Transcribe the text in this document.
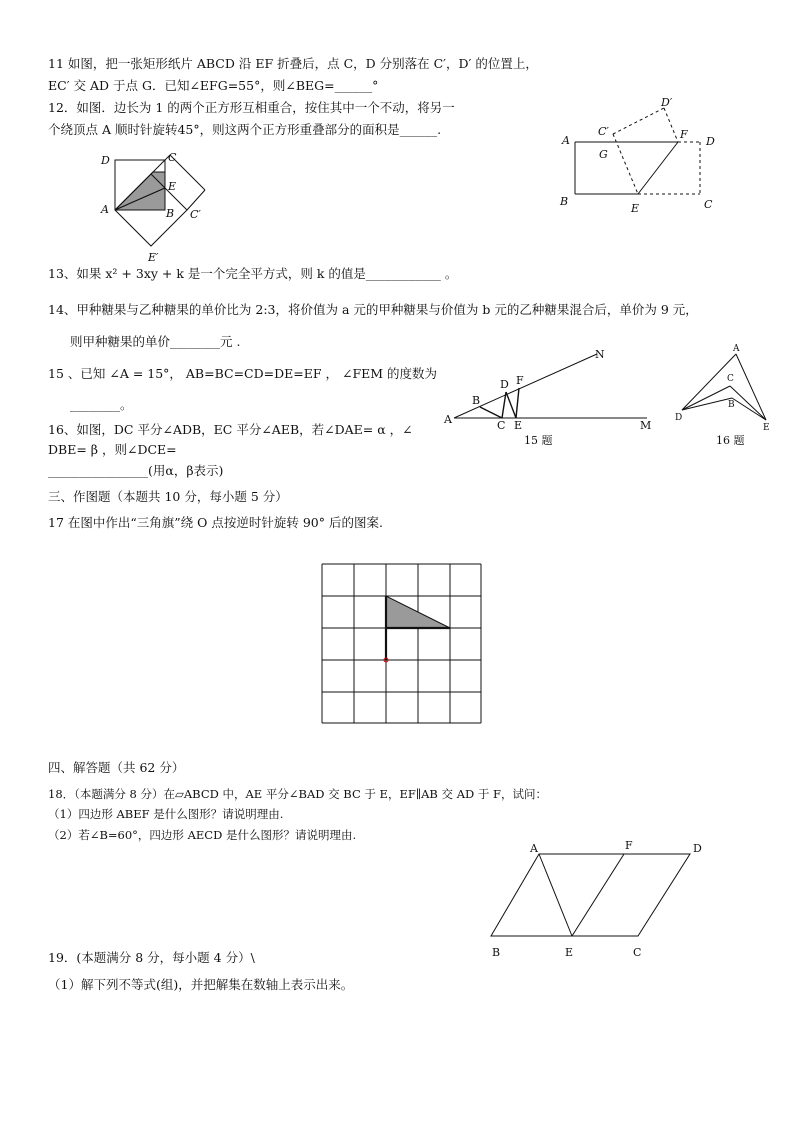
11 如图，把一张矩形纸片 ABCD 沿 EF 折叠后，点 C，D 分别落在 C′，D′ 的位置上，
EC′ 交 AD 于点 G．已知∠EFG=55°，则∠BEG=______°
12．如图．边长为 1 的两个正方形互相重合，按住其中一个不动，将另一
个绕顶点 A 顺时针旋转45°，则这两个正方形重叠部分的面积是______.
A
B	C
D
E
F
G
C′
D′
A	B
C
D
E
C′
E′
13、如果 x² + 3xy + k 是一个完全平方式，则 k 的值是____________ 。
14、甲种糖果与乙种糖果的单价比为 2:3，将价值为 a 元的甲种糖果与价值为 b 元的乙种糖果混合后，单价为 9 元，
则甲种糖果的单价________元 .
15 、已知 ∠A = 15°， AB=BC=CD=DE=EF ， ∠FEM 的度数为
________。
A
B
C
D
E
F
N
M
15 题
A
B
C
D
E
16 题
16、如图，DC 平分∠ADB，EC 平分∠AEB，若∠DAE= α ，∠
DBE= β ，则∠DCE=
________________(用α，β表示)
三、作图题（本题共 10 分，每小题 5 分）
17 在图中作出“三角旗”绕 O 点按逆时针旋转 90° 后的图案.
四、解答题（共 62 分）
18．（本题满分 8 分）在▱ABCD 中，AE 平分∠BAD 交 BC 于 E，EF∥AB 交 AD 于 F，试问：
（1）四边形 ABEF 是什么图形？请说明理由.
（2）若∠B=60°，四边形 AECD 是什么图形？请说明理由.
A
B	C
D
E
F
19．(本题满分 8 分，每小题 4 分）\
（1）解下列不等式(组)，并把解集在数轴上表示出来。
